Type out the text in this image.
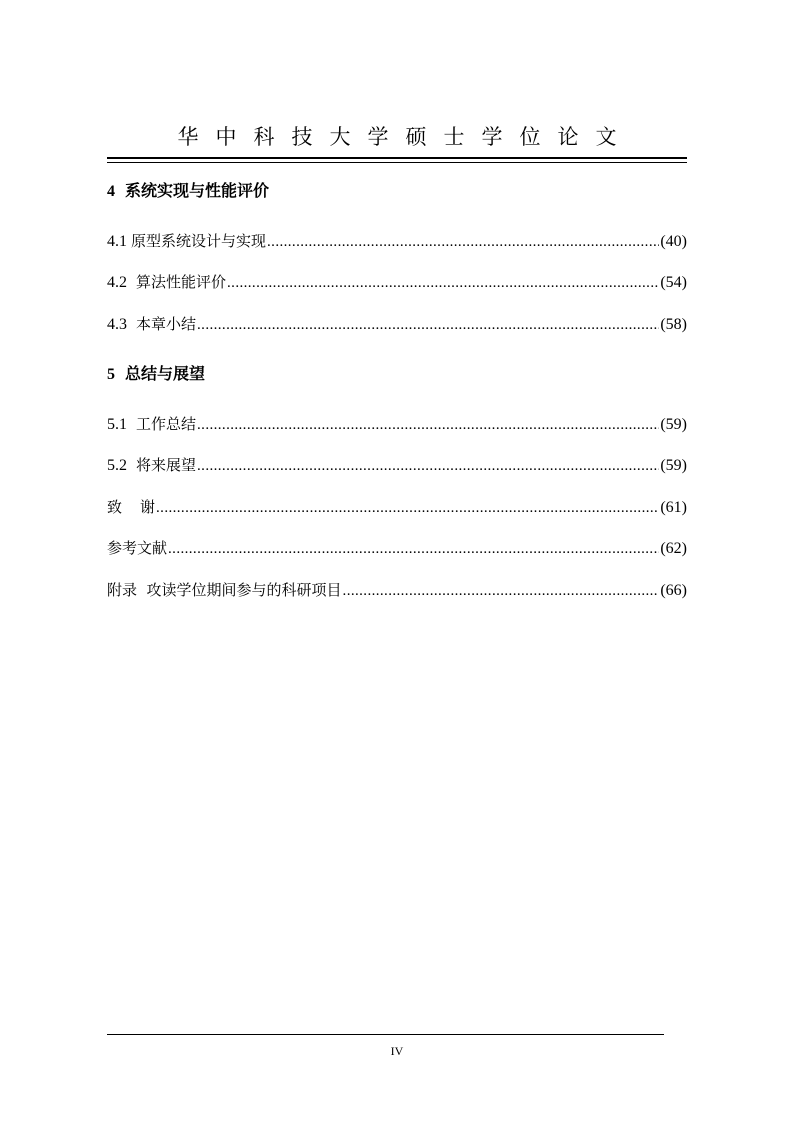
华中科技大学硕士学位论文
4 系统实现与性能评价
4.1 原型系统设计与实现 .....	(40)
4.2 算法性能评价 .....	(54)
4.3 本章小结 .....	(58)
5 总结与展望
5.1 工作总结 .....	(59)
5.2 将来展望 .....	(59)
致谢 .....	(61)
参考文献 .....	(62)
附录  攻读学位期间参与的科研项目 .....	(66)
IV
